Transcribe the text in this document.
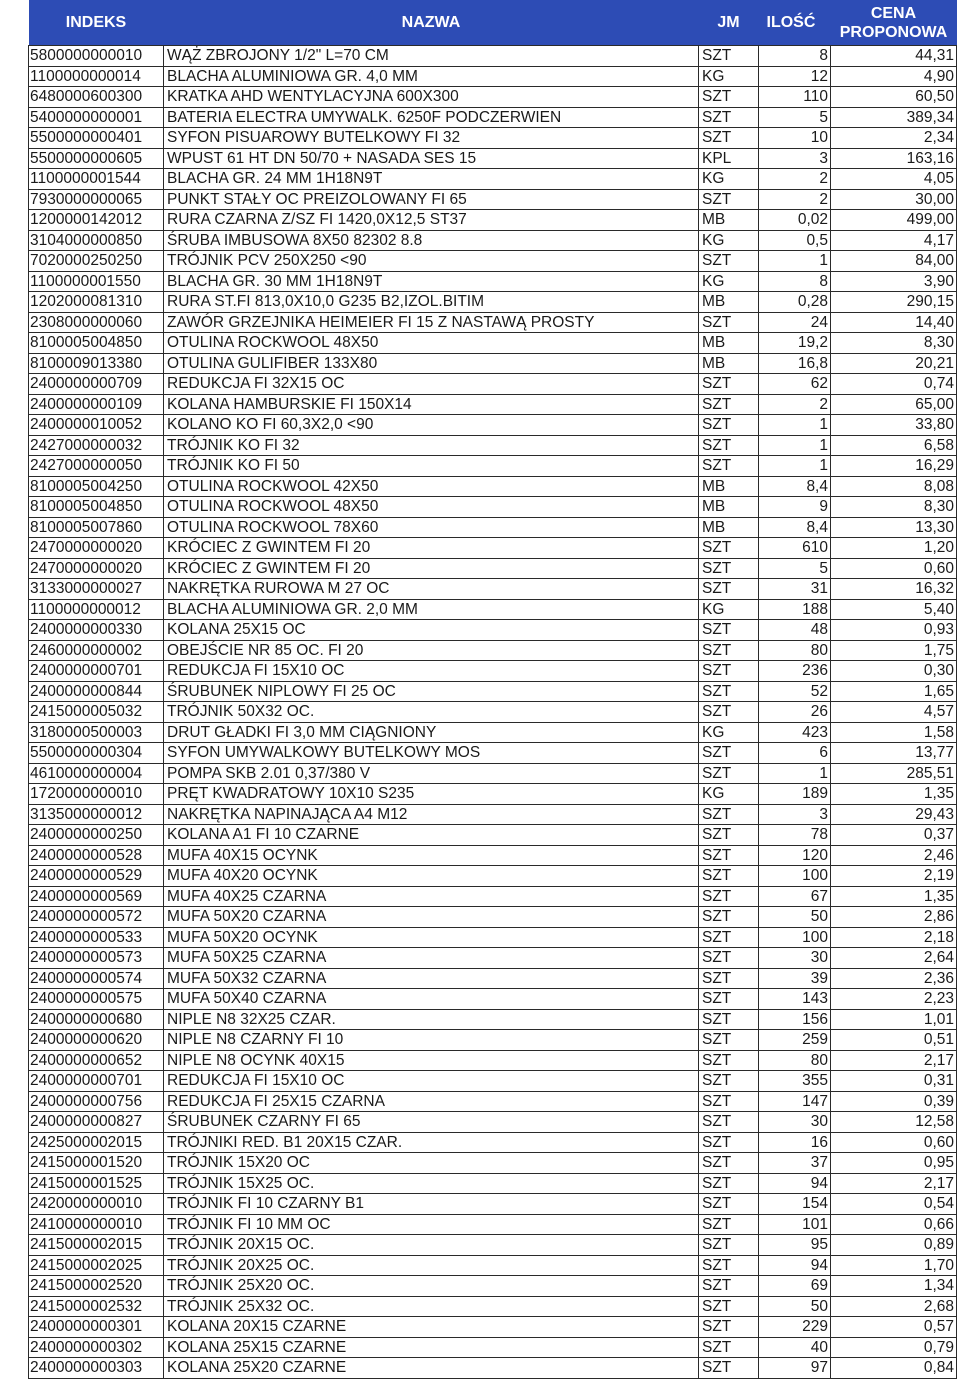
INDEKS	NAZWA	JM	ILOŚĆ	CENA
PROPONOWA

5800000000010	WĄŻ ZBROJONY 1/2" L=70 CM	SZT	8	44,31
1100000000014	BLACHA ALUMINIOWA GR. 4,0 MM	KG	12	4,90
6480000600300	KRATKA AHD WENTYLACYJNA 600X300	SZT	110	60,50
5400000000001	BATERIA ELECTRA UMYWALK. 6250F PODCZERWIEN	SZT	5	389,34
5500000000401	SYFON PISUAROWY BUTELKOWY FI 32	SZT	10	2,34
5500000000605	WPUST 61 HT DN 50/70 + NASADA SES 15	KPL	3	163,16
1100000001544	BLACHA GR. 24 MM 1H18N9T	KG	2	4,05
7930000000065	PUNKT STAŁY OC PREIZOLOWANY FI 65	SZT	2	30,00
1200000142012	RURA CZARNA Z/SZ FI 1420,0X12,5 ST37	MB	0,02	499,00
3104000000850	ŚRUBA IMBUSOWA 8X50 82302 8.8	KG	0,5	4,17
7020000250250	TRÓJNIK PCV 250X250 <90	SZT	1	84,00
1100000001550	BLACHA GR. 30 MM 1H18N9T	KG	8	3,90
1202000081310	RURA ST.FI 813,0X10,0 G235 B2,IZOL.BITIM	MB	0,28	290,15
2308000000060	ZAWÓR GRZEJNIKA HEIMEIER FI 15 Z NASTAWĄ PROSTY	SZT	24	14,40
8100005004850	OTULINA ROCKWOOL 48X50	MB	19,2	8,30
8100009013380	OTULINA GULIFIBER 133X80	MB	16,8	20,21
2400000000709	REDUKCJA FI 32X15 OC	SZT	62	0,74
2400000000109	KOLANA HAMBURSKIE FI 150X14	SZT	2	65,00
2400000010052	KOLANO KO FI 60,3X2,0 <90	SZT	1	33,80
2427000000032	TRÓJNIK KO FI 32	SZT	1	6,58
2427000000050	TRÓJNIK KO FI 50	SZT	1	16,29
8100005004250	OTULINA ROCKWOOL 42X50	MB	8,4	8,08
8100005004850	OTULINA ROCKWOOL 48X50	MB	9	8,30
8100005007860	OTULINA ROCKWOOL 78X60	MB	8,4	13,30
2470000000020	KRÓCIEC Z GWINTEM FI 20	SZT	610	1,20
2470000000020	KRÓCIEC Z GWINTEM FI 20	SZT	5	0,60
3133000000027	NAKRĘTKA RUROWA M 27 OC	SZT	31	16,32
1100000000012	BLACHA ALUMINIOWA GR. 2,0 MM	KG	188	5,40
2400000000330	KOLANA 25X15 OC	SZT	48	0,93
2460000000002	OBEJŚCIE NR 85 OC. FI 20	SZT	80	1,75
2400000000701	REDUKCJA FI 15X10 OC	SZT	236	0,30
2400000000844	ŚRUBUNEK NIPLOWY FI 25 OC	SZT	52	1,65
2415000005032	TRÓJNIK 50X32 OC.	SZT	26	4,57
3180000500003	DRUT GŁADKI FI 3,0 MM CIĄGNIONY	KG	423	1,58
5500000000304	SYFON UMYWALKOWY BUTELKOWY MOS	SZT	6	13,77
4610000000004	POMPA SKB 2.01 0,37/380 V	SZT	1	285,51
1720000000010	PRĘT KWADRATOWY 10X10 S235	KG	189	1,35
3135000000012	NAKRĘTKA NAPINAJĄCA A4 M12	SZT	3	29,43
2400000000250	KOLANA A1 FI 10 CZARNE	SZT	78	0,37
2400000000528	MUFA 40X15 OCYNK	SZT	120	2,46
2400000000529	MUFA 40X20 OCYNK	SZT	100	2,19
2400000000569	MUFA 40X25 CZARNA	SZT	67	1,35
2400000000572	MUFA 50X20 CZARNA	SZT	50	2,86
2400000000533	MUFA 50X20 OCYNK	SZT	100	2,18
2400000000573	MUFA 50X25 CZARNA	SZT	30	2,64
2400000000574	MUFA 50X32 CZARNA	SZT	39	2,36
2400000000575	MUFA 50X40 CZARNA	SZT	143	2,23
2400000000680	NIPLE N8 32X25 CZAR.	SZT	156	1,01
2400000000620	NIPLE N8 CZARNY FI 10	SZT	259	0,51
2400000000652	NIPLE N8 OCYNK 40X15	SZT	80	2,17
2400000000701	REDUKCJA FI 15X10 OC	SZT	355	0,31
2400000000756	REDUKCJA FI 25X15 CZARNA	SZT	147	0,39
2400000000827	ŚRUBUNEK CZARNY FI 65	SZT	30	12,58
2425000002015	TRÓJNIKI RED. B1 20X15 CZAR.	SZT	16	0,60
2415000001520	TRÓJNIK 15X20 OC	SZT	37	0,95
2415000001525	TRÓJNIK 15X25 OC.	SZT	94	2,17
2420000000010	TRÓJNIK FI 10 CZARNY B1	SZT	154	0,54
2410000000010	TRÓJNIK FI 10 MM OC	SZT	101	0,66
2415000002015	TRÓJNIK 20X15 OC.	SZT	95	0,89
2415000002025	TRÓJNIK 20X25 OC.	SZT	94	1,70
2415000002520	TRÓJNIK 25X20 OC.	SZT	69	1,34
2415000002532	TRÓJNIK 25X32 OC.	SZT	50	2,68
2400000000301	KOLANA 20X15 CZARNE	SZT	229	0,57
2400000000302	KOLANA 25X15 CZARNE	SZT	40	0,79
2400000000303	KOLANA 25X20 CZARNE	SZT	97	0,84
